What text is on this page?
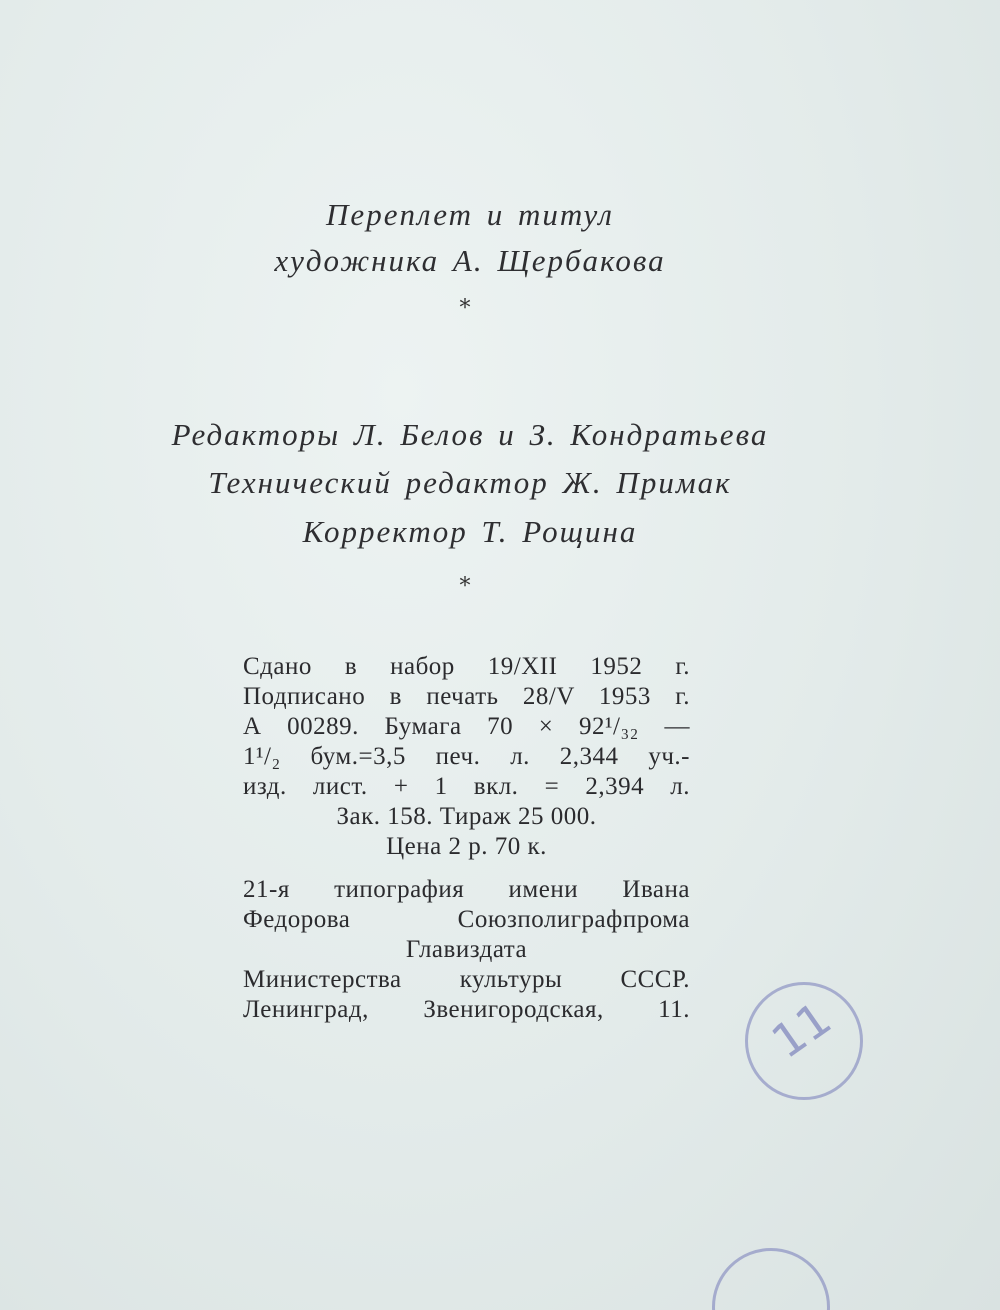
Переплет и титул
художника А. Щербакова
*
Редакторы Л. Белов и З. Кондратьева
Технический редактор Ж. Примак
Корректор Т. Рощина
*
Сдано в набор 19/XII 1952 г.
Подписано в печать 28/V 1953 г.
А 00289. Бумага 70 × 92¹/₃₂ —
1¹/₂ бум.=3,5 печ. л. 2,344 уч.-
изд. лист. + 1 вкл. = 2,394 л.
Зак. 158. Тираж 25 000.
Цена 2 р. 70 к.
21-я типография имени Ивана
Федорова Союзполиграфпрома
Главиздата
Министерства культуры СССР.
Ленинград, Звенигородская, 11. 11
